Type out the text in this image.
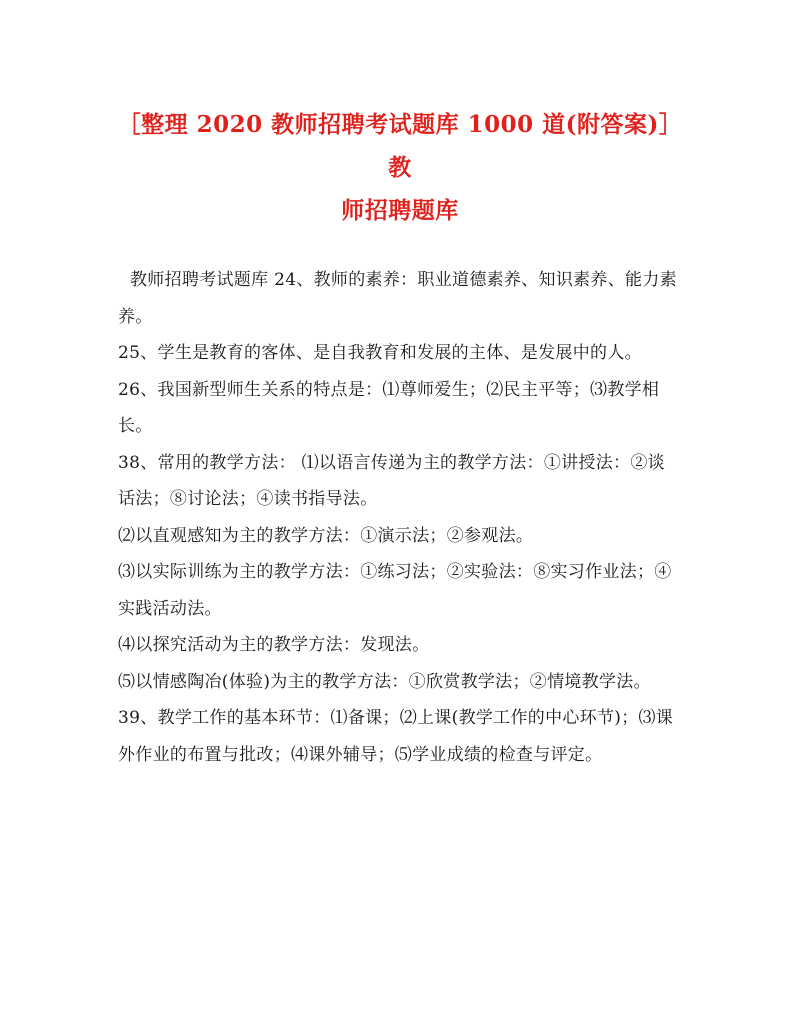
［整理 2020 教师招聘考试题库 1000 道(附答案)］教
师招聘题库

教师招聘考试题库 24、教师的素养：职业道德素养、知识素养、能力素养。

25、学生是教育的客体、是自我教育和发展的主体、是发展中的人。

26、我国新型师生关系的特点是：⑴尊师爱生；⑵民主平等；⑶教学相长。

38、常用的教学方法： ⑴以语言传递为主的教学方法：①讲授法：②谈话法；⑧讨论法；④读书指导法。

⑵以直观感知为主的教学方法：①演示法；②参观法。

⑶以实际训练为主的教学方法：①练习法；②实验法：⑧实习作业法；④实践活动法。

⑷以探究活动为主的教学方法：发现法。

⑸以情感陶冶(体验)为主的教学方法：①欣赏教学法；②情境教学法。

39、教学工作的基本环节：⑴备课；⑵上课(教学工作的中心环节)；⑶课外作业的布置与批改；⑷课外辅导；⑸学业成绩的检查与评定。
